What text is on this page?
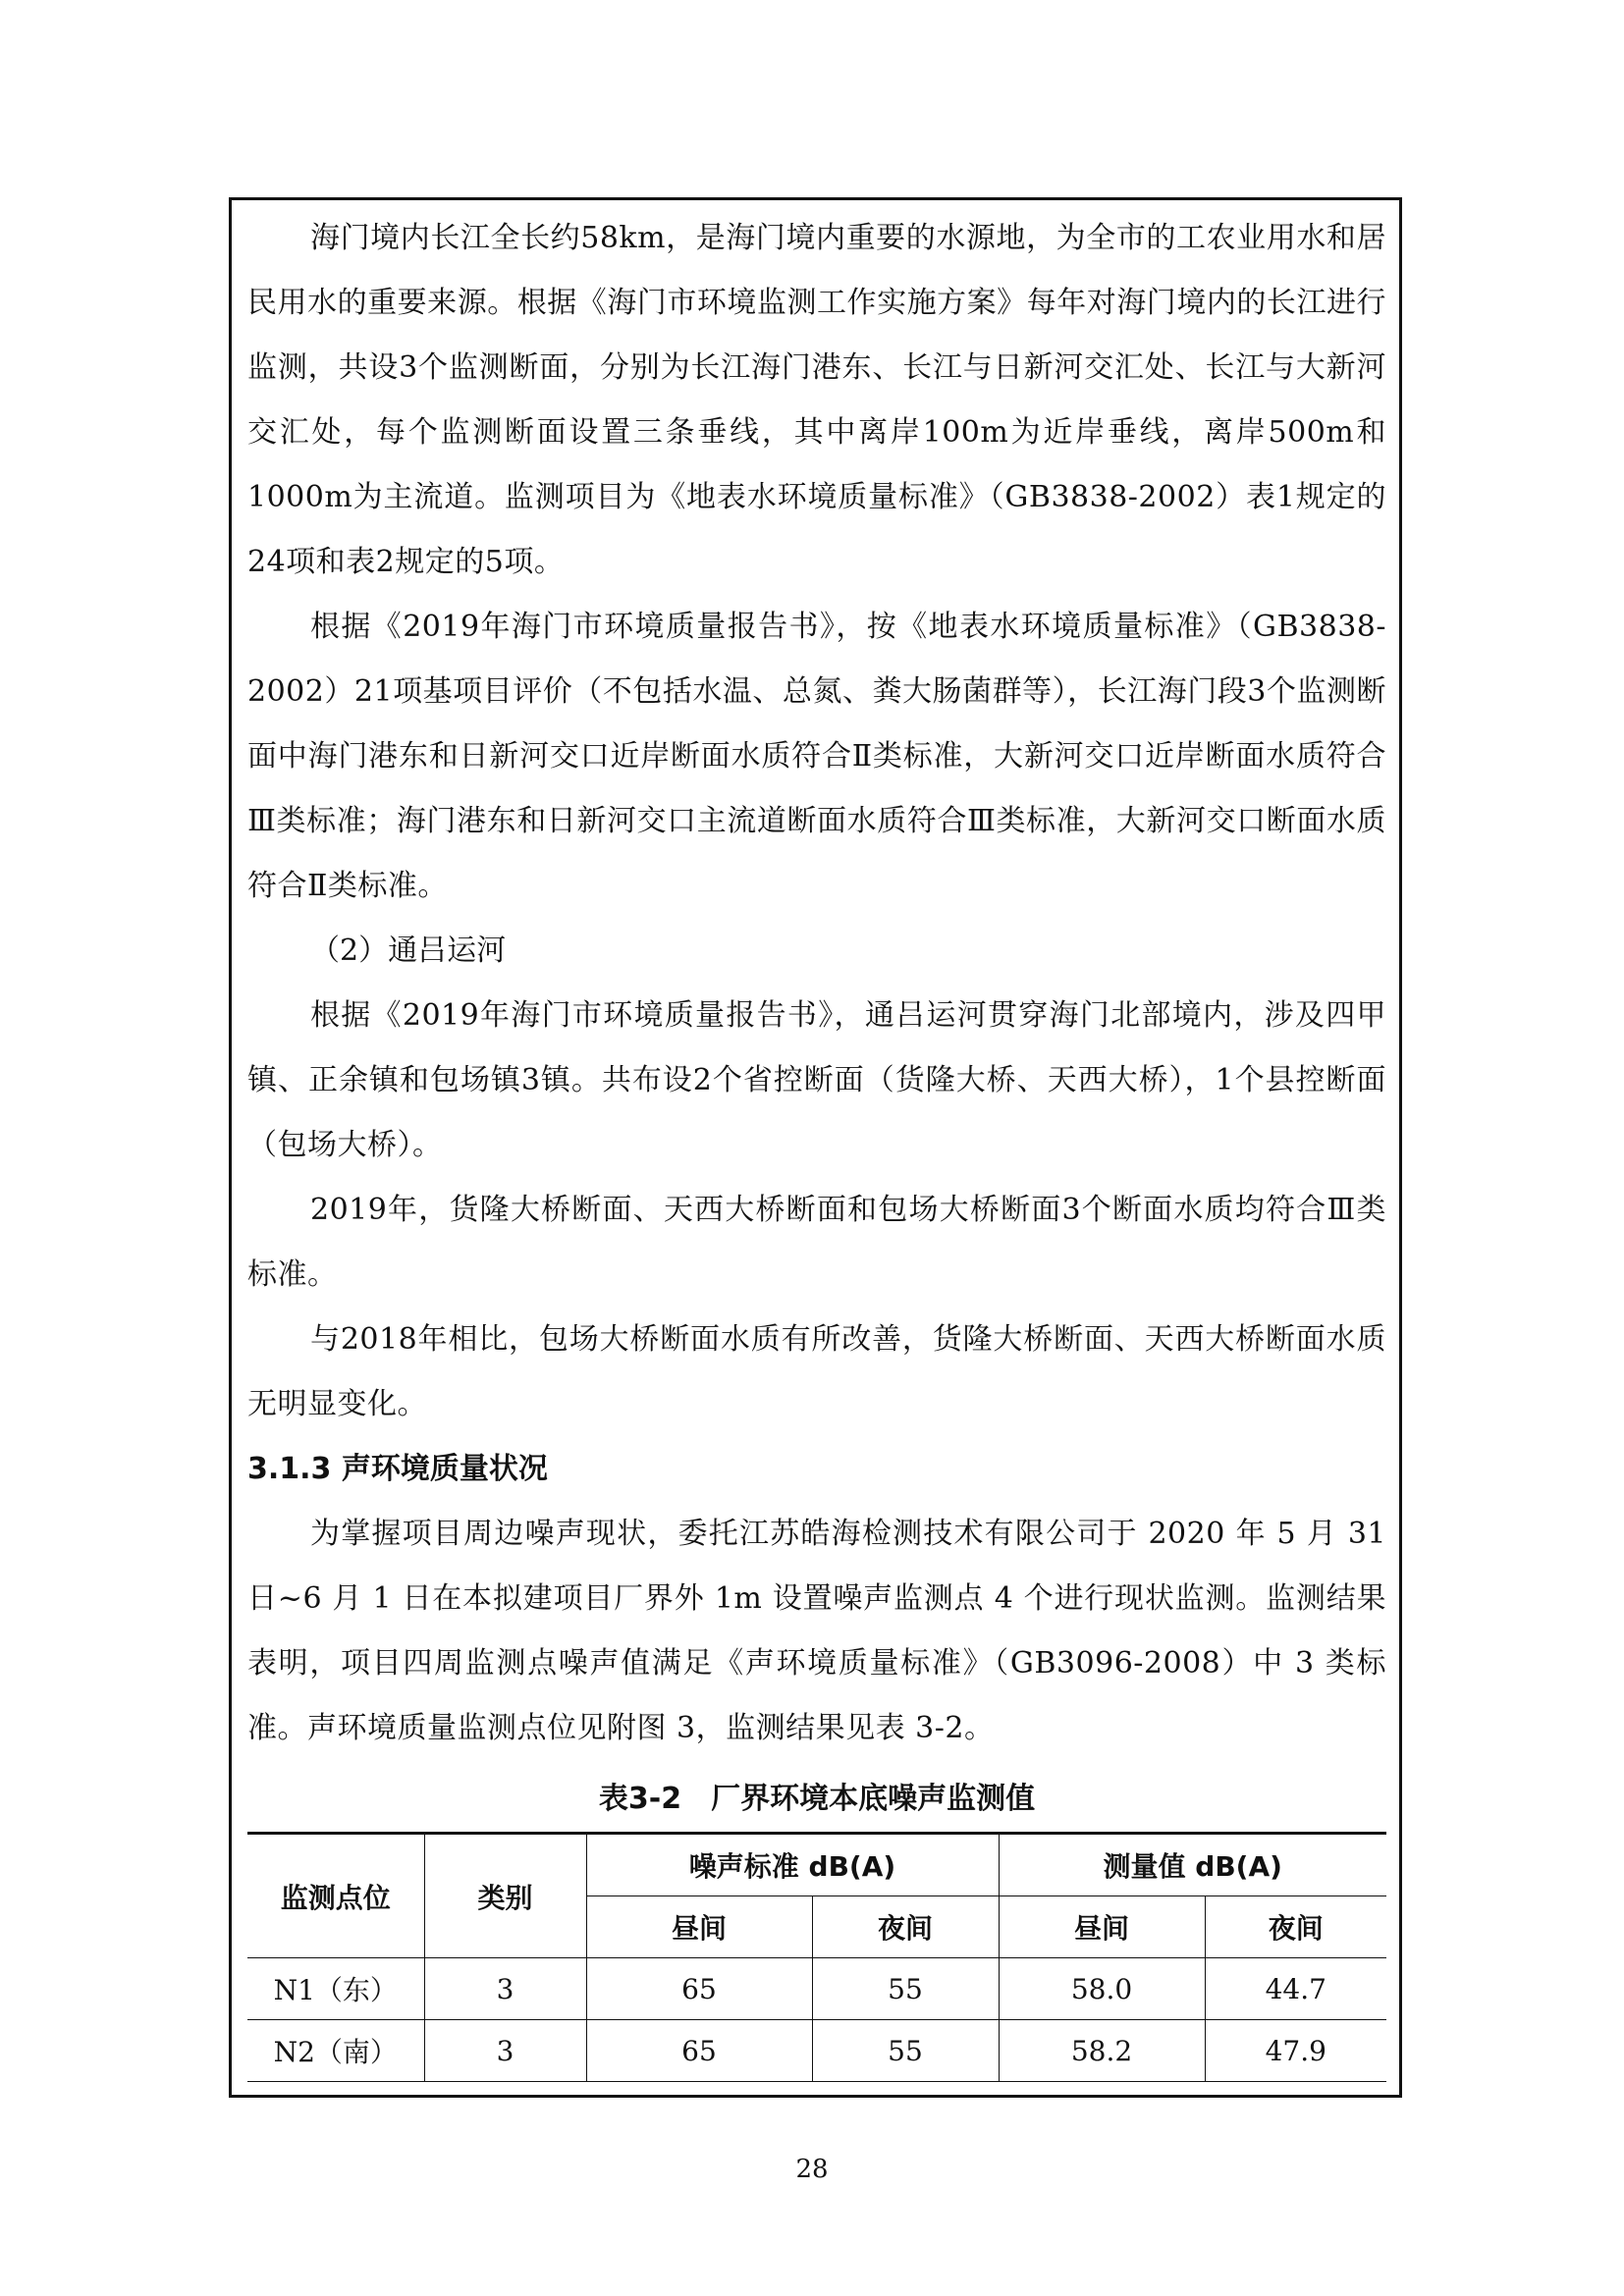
海门境内长江全长约58km，是海门境内重要的水源地，为全市的工农业用水和居民用水的重要来源。根据《海门市环境监测工作实施方案》每年对海门境内的长江进行监测，共设3个监测断面，分别为长江海门港东、长江与日新河交汇处、长江与大新河交汇处，每个监测断面设置三条垂线，其中离岸100m为近岸垂线，离岸500m和1000m为主流道。监测项目为《地表水环境质量标准》（GB3838-2002）表1规定的24项和表2规定的5项。

根据《2019年海门市环境质量报告书》，按《地表水环境质量标准》（GB3838-2002）21项基项目评价（不包括水温、总氮、粪大肠菌群等），长江海门段3个监测断面中海门港东和日新河交口近岸断面水质符合Ⅱ类标准，大新河交口近岸断面水质符合Ⅲ类标准；海门港东和日新河交口主流道断面水质符合Ⅲ类标准，大新河交口断面水质符合Ⅱ类标准。

（2）通吕运河

根据《2019年海门市环境质量报告书》，通吕运河贯穿海门北部境内，涉及四甲镇、正余镇和包场镇3镇。共布设2个省控断面（货隆大桥、天西大桥），1个县控断面（包场大桥）。

2019年，货隆大桥断面、天西大桥断面和包场大桥断面3个断面水质均符合Ⅲ类标准。

与2018年相比，包场大桥断面水质有所改善，货隆大桥断面、天西大桥断面水质无明显变化。

3.1.3 声环境质量状况

为掌握项目周边噪声现状，委托江苏皓海检测技术有限公司于 2020 年 5 月 31 日~6 月 1 日在本拟建项目厂界外 1m 设置噪声监测点 4 个进行现状监测。监测结果表明，项目四周监测点噪声值满足《声环境质量标准》（GB3096-2008）中 3 类标准。声环境质量监测点位见附图 3，监测结果见表 3-2。

表3-2　厂界环境本底噪声监测值
监测点位	类别	噪声标准 dB(A)		测量值 dB(A)	
		昼间	夜间	昼间	夜间
N1（东）	3	65	55	58.0	44.7
N2（南）	3	65	55	58.2	47.9
28
